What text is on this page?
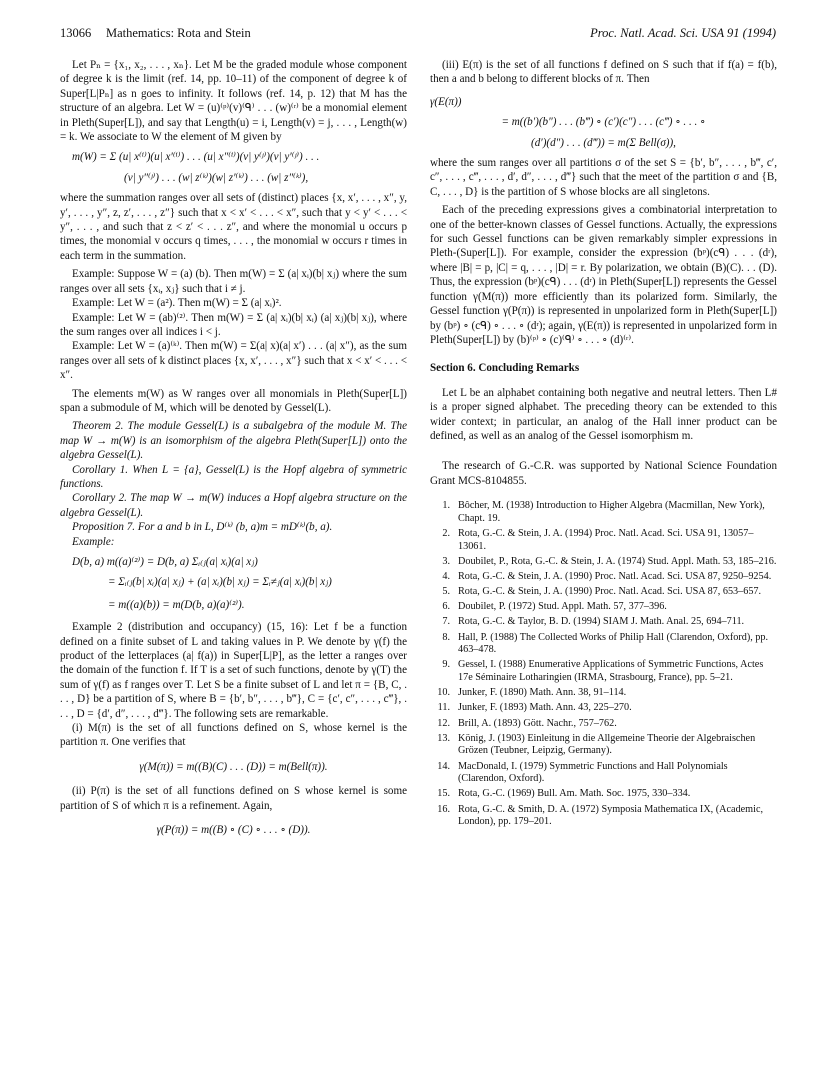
13066 Mathematics: Rota and Stein	Proc. Natl. Acad. Sci. USA 91 (1994)

Let Pₙ = {x₁, x₂, . . . , xₙ}. Let M be the graded module whose component of degree k is the limit (ref. 14, pp. 10–11) of the component of degree k of Super[L|Pₙ] as n goes to infinity. It follows (ref. 14, p. 12) that M has the structure of an algebra. Let W = (u)⁽ᵖ⁾(v)⁽ᑫ⁾ . . . (w)⁽ʳ⁾ be a monomial element in Pleth(Super[L]), and say that Length(u) = i, Length(v) = j, . . . , Length(w) = k. We associate to W the element of M given by

m(W) = Σ (u| x⁽ⁱ⁾)(u| x′⁽ⁱ⁾) . . . (u| x″⁽ⁱ⁾)(v| y⁽ʲ⁾)(v| y′⁽ʲ⁾) . . .

(v| y″⁽ʲ⁾) . . . (w| z⁽ᵏ⁾)(w| z′⁽ᵏ⁾) . . . (w| z″⁽ᵏ⁾),

where the summation ranges over all sets of (distinct) places {x, x′, . . . , x″, y, y′, . . . , y″, z, z′, . . . , z″} such that x < x′ < . . . < x″, such that y < y′ < . . . < y″, . . . , and such that z < z′ < . . . z″, and where the monomial u occurs p times, the monomial v occurs q times, . . . , the monomial w occurs r times in each term in the summation.

Example: Suppose W = (a) (b). Then m(W) = Σ (a| xᵢ)(b| xⱼ) where the sum ranges over all sets {xᵢ, xⱼ} such that i ≠ j.

Example: Let W = (a²). Then m(W) = Σ (a| xᵢ)².

Example: Let W = (ab)⁽²⁾. Then m(W) = Σ (a| xᵢ)(b| xᵢ) (a| xⱼ)(b| xⱼ), where the sum ranges over all indices i < j.

Example: Let W = (a)⁽ᵏ⁾. Then m(W) = Σ(a| x)(a| x′) . . . (a| x″), as the sum ranges over all sets of k distinct places {x, x′, . . . , x″} such that x < x′ < . . . < x″.

The elements m(W) as W ranges over all monomials in Pleth(Super[L]) span a submodule of M, which will be denoted by Gessel(L).

Theorem 2. The module Gessel(L) is a subalgebra of the module M. The map W → m(W) is an isomorphism of the algebra Pleth(Super[L]) onto the algebra Gessel(L).

Corollary 1. When L = {a}, Gessel(L) is the Hopf algebra of symmetric functions.

Corollary 2. The map W → m(W) induces a Hopf algebra structure on the algebra Gessel(L).

Proposition 7. For a and b in L, D⁽ᵏ⁾ (b, a)m = mD⁽ᵏ⁾(b, a).

Example:

D(b, a) m((a)⁽²⁾) = D(b, a) Σᵢ₍ⱼ(a| xᵢ)(a| xⱼ)

= Σᵢ₍ⱼ(b| xᵢ)(a| xⱼ) + (a| xᵢ)(b| xⱼ) = Σᵢ≠ⱼ(a| xᵢ)(b| xⱼ)

= m((a)(b)) = m(D(b, a)(a)⁽²⁾).

Example 2 (distribution and occupancy) (15, 16): Let f be a function defined on a finite subset of L and taking values in P. We denote by γ(f) the product of the letterplaces (a| f(a)) in Super[L|P], as the letter a ranges over the domain of the function f. If T is a set of such functions, denote by γ(T) the sum of γ(f) as f ranges over T. Let S be a finite subset of L and let π = {B, C, . . . , D} be a partition of S, where B = {b′, b″, . . . , b‴}, C = {c′, c″, . . . , c‴}, . . . , D = {d′, d″, . . . , d‴}. The following sets are remarkable.

(i) M(π) is the set of all functions defined on S, whose kernel is the partition π. One verifies that

γ(M(π)) = m((B)(C) . . . (D)) = m(Bell(π)).

(ii) P(π) is the set of all functions defined on S whose kernel is some partition of S of which π is a refinement. Again,

γ(P(π)) = m((B) ∘ (C) ∘ . . . ∘ (D)).

(iii) E(π) is the set of all functions f defined on S such that if f(a) = f(b), then a and b belong to different blocks of π. Then

γ(E(π))

= m((b′)(b″) . . . (b‴) ∘ (c′)(c″) . . . (c‴) ∘ . . . ∘

(d′)(d″) . . . (d‴)) = m(Σ Bell(σ)),

where the sum ranges over all partitions σ of the set S = {b′, b″, . . . , b‴, c′, c″, . . . , c‴, . . . , d′, d″, . . . , d‴} such that the meet of the partition σ and {B, C, . . . , D} is the partition of S whose blocks are all singletons.

Each of the preceding expressions gives a combinatorial interpretation to one of the better-known classes of Gessel functions. Actually, the expressions for such Gessel functions can be given remarkably simpler expressions in Pleth-(Super[L]). For example, consider the expression (bᵖ)(cᑫ) . . . (dʳ), where |B| = p, |C| = q, . . . , |D| = r. By polarization, we obtain (B)(C). . . (D). Thus, the expression (bᵖ)(cᑫ) . . . (dʳ) in Pleth(Super[L]) represents the Gessel function γ(M(π)) more efficiently than its polarized form. Similarly, the Gessel function γ(P(π)) is represented in unpolarized form in Pleth(Super[L]) by (bᵖ) ∘ (cᑫ) ∘ . . . ∘ (dʳ); again, γ(E(π)) is represented in unpolarized form in Pleth(Super[L]) by (b)⁽ᵖ⁾ ∘ (c)⁽ᑫ⁾ ∘ . . . ∘ (d)⁽ʳ⁾.

Section 6. Concluding Remarks

Let L be an alphabet containing both negative and neutral letters. Then L# is a proper signed alphabet. The preceding theory can be extended to this wider context; in particular, an analog of the Hall inner product can be defined, as well as an analog of the Gessel isomorphism m.

The research of G.-C.R. was supported by National Science Foundation Grant MCS-8104855.

1. Bôcher, M. (1938) Introduction to Higher Algebra (Macmillan, New York), Chapt. 19.
2. Rota, G.-C. & Stein, J. A. (1994) Proc. Natl. Acad. Sci. USA 91, 13057–13061.
3. Doubilet, P., Rota, G.-C. & Stein, J. A. (1974) Stud. Appl. Math. 53, 185–216.
4. Rota, G.-C. & Stein, J. A. (1990) Proc. Natl. Acad. Sci. USA 87, 9250–9254.
5. Rota, G.-C. & Stein, J. A. (1990) Proc. Natl. Acad. Sci. USA 87, 653–657.
6. Doubilet, P. (1972) Stud. Appl. Math. 57, 377–396.
7. Rota, G.-C. & Taylor, B. D. (1994) SIAM J. Math. Anal. 25, 694–711.
8. Hall, P. (1988) The Collected Works of Philip Hall (Clarendon, Oxford), pp. 463–478.
9. Gessel, I. (1988) Enumerative Applications of Symmetric Functions, Actes 17e Séminaire Lotharingien (IRMA, Strasbourg, France), pp. 5–21.
10. Junker, F. (1890) Math. Ann. 38, 91–114.
11. Junker, F. (1893) Math. Ann. 43, 225–270.
12. Brill, A. (1893) Gött. Nachr., 757–762.
13. König, J. (1903) Einleitung in die Allgemeine Theorie der Algebraischen Grözen (Teubner, Leipzig, Germany).
14. MacDonald, I. (1979) Symmetric Functions and Hall Polynomials (Clarendon, Oxford).
15. Rota, G.-C. (1969) Bull. Am. Math. Soc. 1975, 330–334.
16. Rota, G.-C. & Smith, D. A. (1972) Symposia Mathematica IX, (Academic, London), pp. 179–201.
